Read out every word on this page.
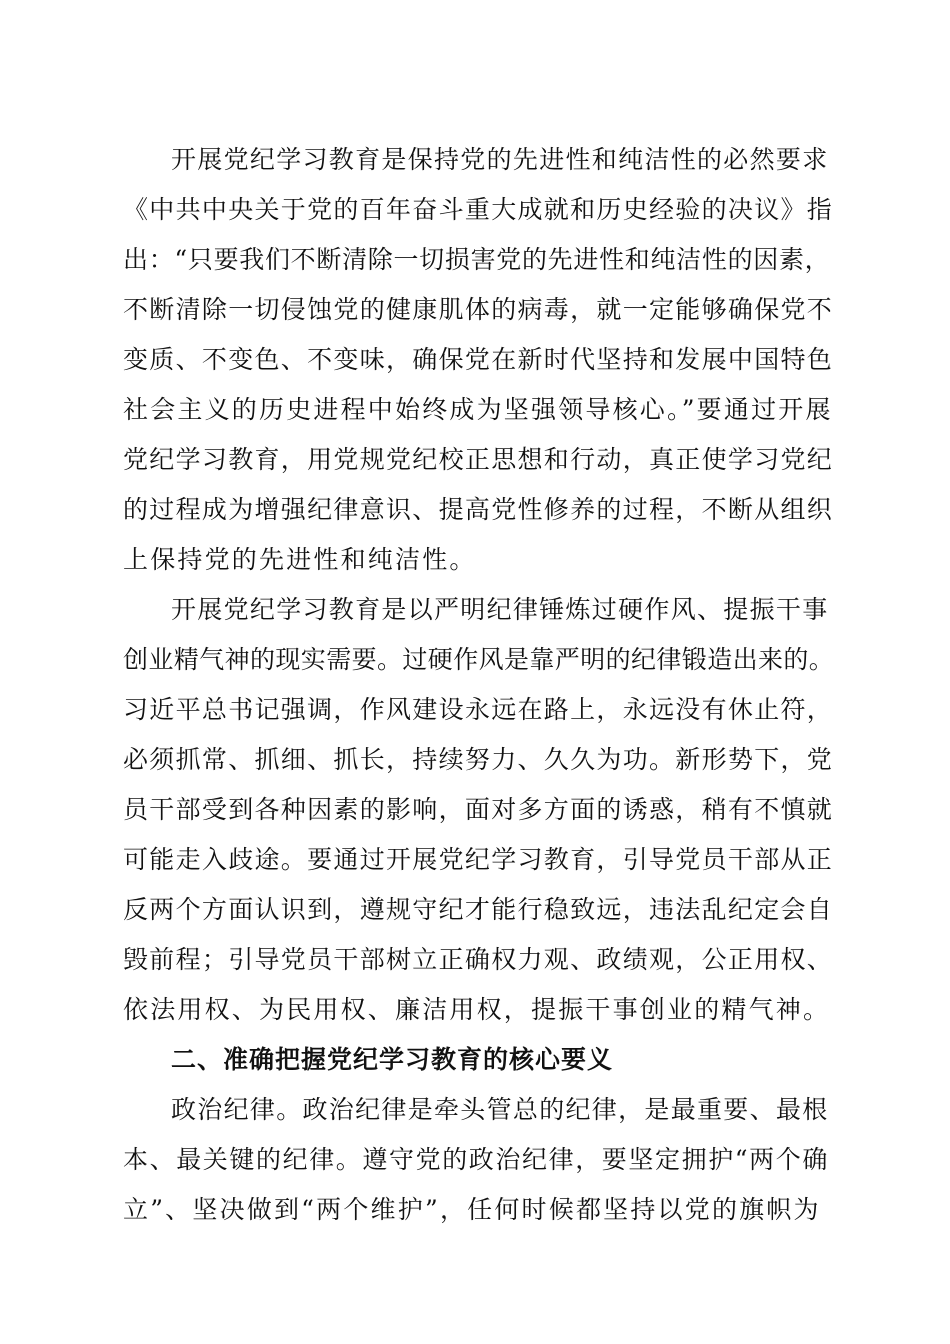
开展党纪学习教育是保持党的先进性和纯洁性的必然要求
《中共中央关于党的百年奋斗重大成就和历史经验的决议》指
出：“只要我们不断清除一切损害党的先进性和纯洁性的因素，
不断清除一切侵蚀党的健康肌体的病毒，就一定能够确保党不
变质、不变色、不变味，确保党在新时代坚持和发展中国特色
社会主义的历史进程中始终成为坚强领导核心。”要通过开展
党纪学习教育，用党规党纪校正思想和行动，真正使学习党纪
的过程成为增强纪律意识、提高党性修养的过程，不断从组织
上保持党的先进性和纯洁性。
开展党纪学习教育是以严明纪律锤炼过硬作风、提振干事
创业精气神的现实需要。过硬作风是靠严明的纪律锻造出来的。
习近平总书记强调，作风建设永远在路上，永远没有休止符，
必须抓常、抓细、抓长，持续努力、久久为功。新形势下，党
员干部受到各种因素的影响，面对多方面的诱惑，稍有不慎就
可能走入歧途。要通过开展党纪学习教育，引导党员干部从正
反两个方面认识到，遵规守纪才能行稳致远，违法乱纪定会自
毁前程；引导党员干部树立正确权力观、政绩观，公正用权、
依法用权、为民用权、廉洁用权，提振干事创业的精气神。
二、准确把握党纪学习教育的核心要义
政治纪律。政治纪律是牵头管总的纪律，是最重要、最根
本、最关键的纪律。遵守党的政治纪律，要坚定拥护“两个确
立”、坚决做到“两个维护”，任何时候都坚持以党的旗帜为
